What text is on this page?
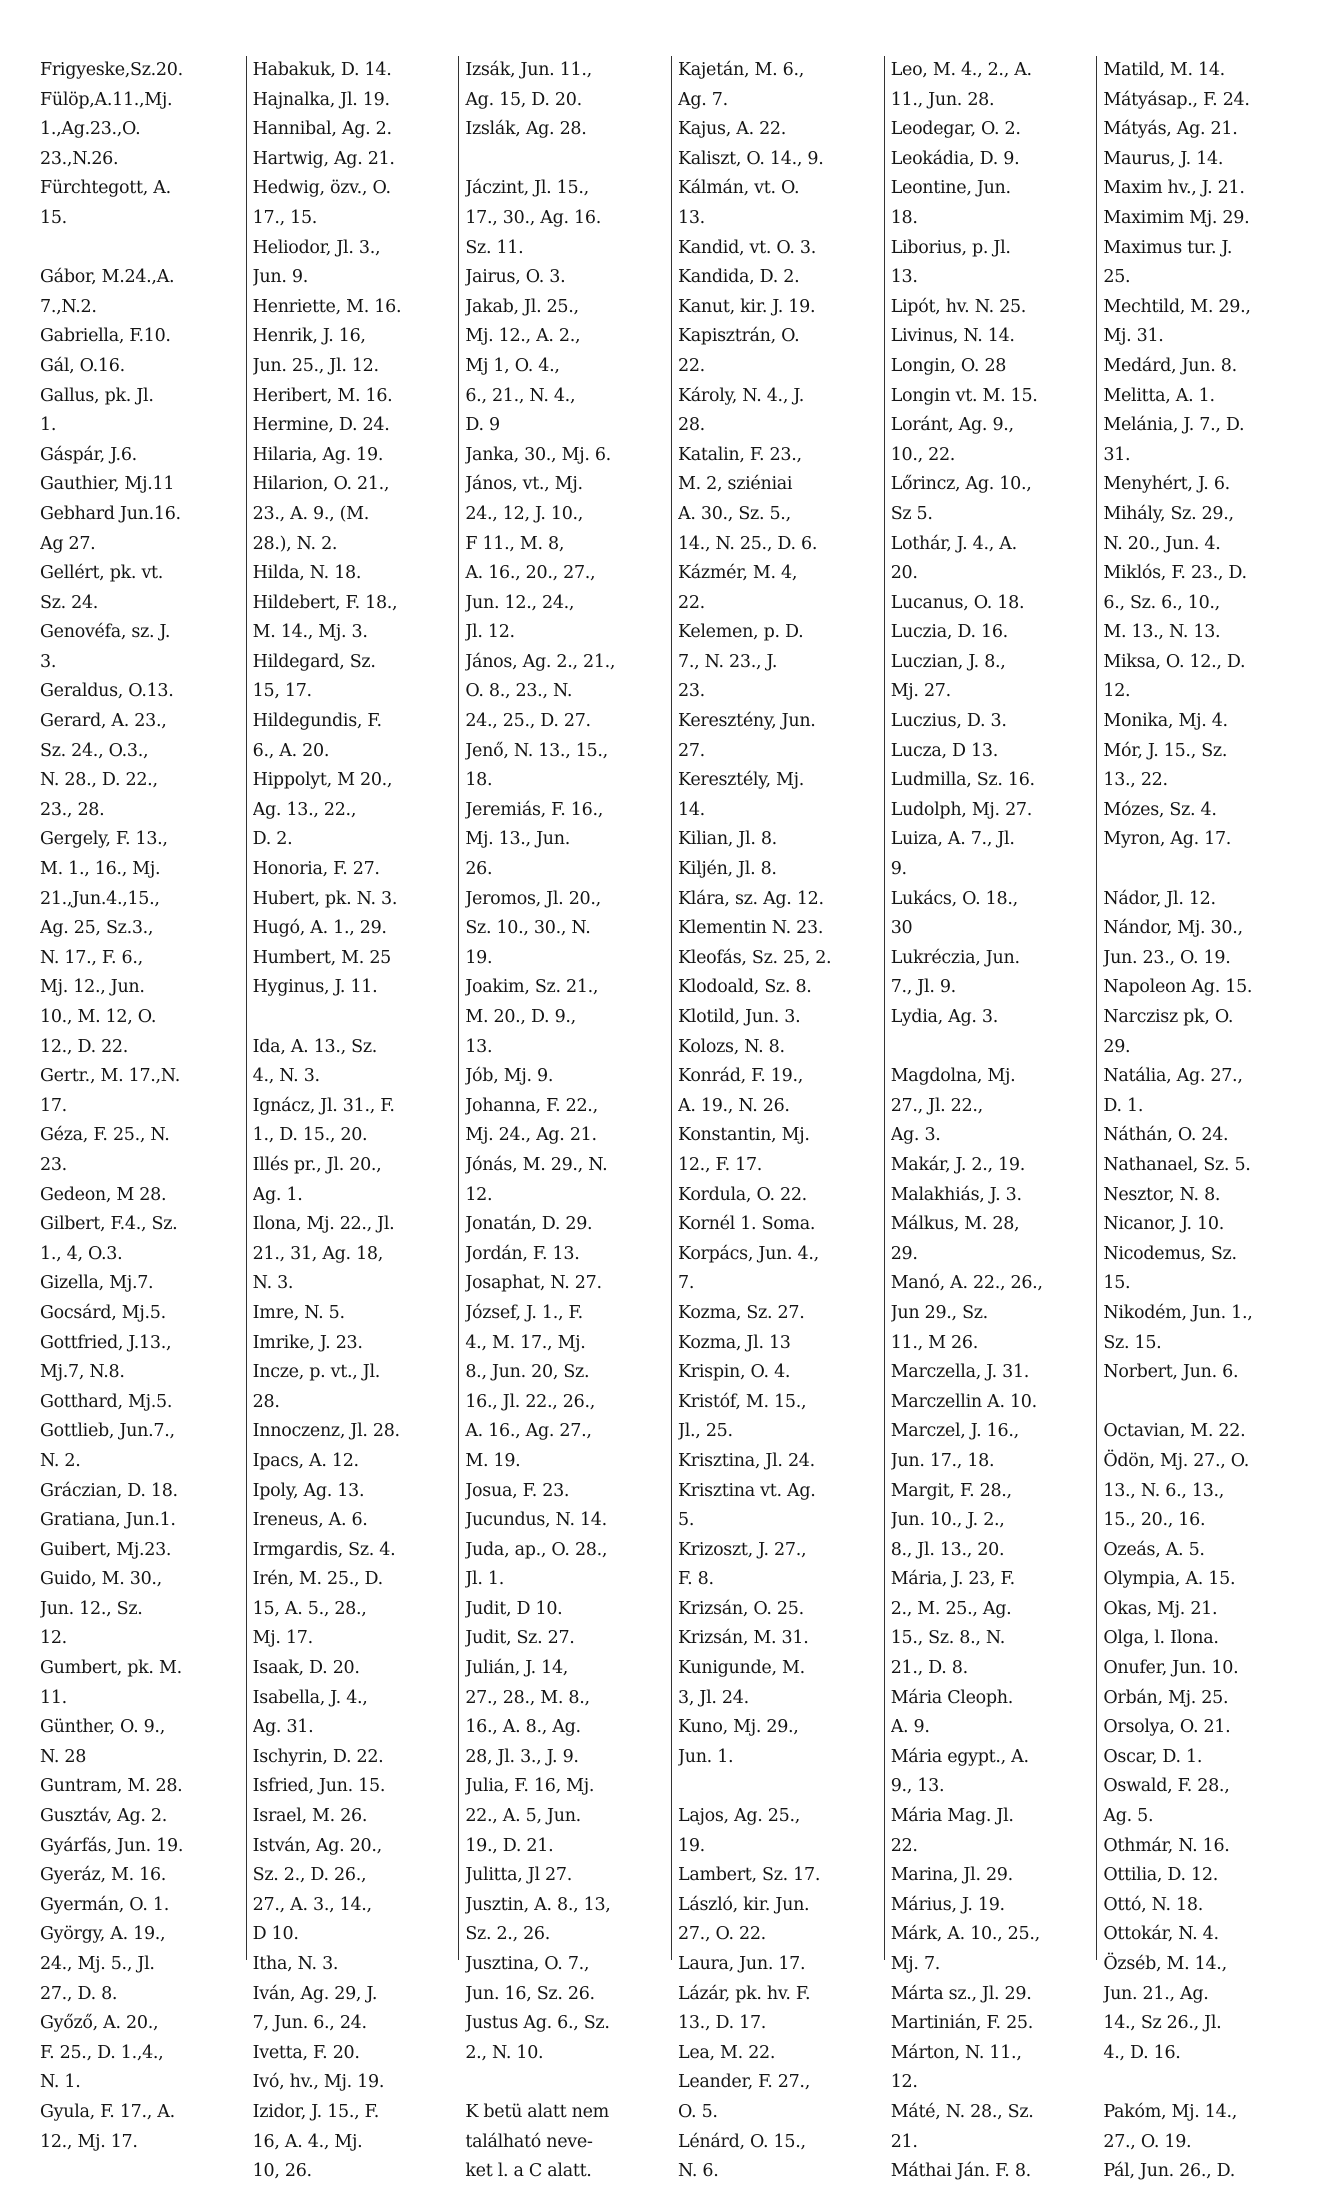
Frigyeske,Sz.20.
Fülöp,A.11.,Mj.
1.,Ag.23.,O.
23.,N.26.
Fürchtegott, A.
15.

Gábor, M.24.,A.
7.,N.2.
Gabriella, F.10.
Gál, O.16.
Gallus, pk. Jl.
1.
Gáspár, J.6.
Gauthier, Mj.11
Gebhard Jun.16.
Ag 27.
Gellért, pk. vt.
Sz. 24.
Genovéfa, sz. J.
3.
Geraldus, O.13.
Gerard, A. 23.,
Sz. 24., O.3.,
N. 28., D. 22.,
23., 28.
Gergely, F. 13.,
M. 1., 16., Mj.
21.,Jun.4.,15.,
Ag. 25, Sz.3.,
N. 17., F. 6.,
Mj. 12., Jun.
10., M. 12, O.
12., D. 22.
Gertr., M. 17.,N.
17.
Géza, F. 25., N.
23.
Gedeon, M 28.
Gilbert, F.4., Sz.
1., 4, O.3.
Gizella, Mj.7.
Gocsárd, Mj.5.
Gottfried, J.13.,
Mj.7, N.8.
Gotthard, Mj.5.
Gottlieb, Jun.7.,
N. 2.
Gráczian, D. 18.
Gratiana, Jun.1.
Guibert, Mj.23.
Guido, M. 30.,
Jun. 12., Sz.
12.
Gumbert, pk. M.
11.
Günther, O. 9.,
N. 28
Guntram, M. 28.
Gusztáv, Ag. 2.
Gyárfás, Jun. 19.
Gyeráz, M. 16.
Gyermán, O. 1.
György, A. 19.,
24., Mj. 5., Jl.
27., D. 8.
Győző, A. 20.,
F. 25., D. 1.,4.,
N. 1.
Gyula, F. 17., A.
12., Mj. 17.
Habakuk, D. 14.
Hajnalka, Jl. 19.
Hannibal, Ag. 2.
Hartwig, Ag. 21.
Hedwig, özv., O.
17., 15.
Heliodor, Jl. 3.,
Jun. 9.
Henriette, M. 16.
Henrik, J. 16,
Jun. 25., Jl. 12.
Heribert, M. 16.
Hermine, D. 24.
Hilaria, Ag. 19.
Hilarion, O. 21.,
23., A. 9., (M.
28.), N. 2.
Hilda, N. 18.
Hildebert, F. 18.,
M. 14., Mj. 3.
Hildegard, Sz.
15, 17.
Hildegundis, F.
6., A. 20.
Hippolyt, M 20.,
Ag. 13., 22.,
D. 2.
Honoria, F. 27.
Hubert, pk. N. 3.
Hugó, A. 1., 29.
Humbert, M. 25
Hyginus, J. 11.

Ida, A. 13., Sz.
4., N. 3.
Ignácz, Jl. 31., F.
1., D. 15., 20.
Illés pr., Jl. 20.,
Ag. 1.
Ilona, Mj. 22., Jl.
21., 31, Ag. 18,
N. 3.
Imre, N. 5.
Imrike, J. 23.
Incze, p. vt., Jl.
28.
Innoczenz, Jl. 28.
Ipacs, A. 12.
Ipoly, Ag. 13.
Ireneus, A. 6.
Irmgardis, Sz. 4.
Irén, M. 25., D.
15, A. 5., 28.,
Mj. 17.
Isaak, D. 20.
Isabella, J. 4.,
Ag. 31.
Ischyrin, D. 22.
Isfried, Jun. 15.
Israel, M. 26.
István, Ag. 20.,
Sz. 2., D. 26.,
27., A. 3., 14.,
D 10.
Itha, N. 3.
Iván, Ag. 29, J.
7, Jun. 6., 24.
Ivetta, F. 20.
Ivó, hv., Mj. 19.
Izidor, J. 15., F.
16, A. 4., Mj.
10, 26.
Izsák, Jun. 11.,
Ag. 15, D. 20.
Izslák, Ag. 28.

Jáczint, Jl. 15.,
17., 30., Ag. 16.
Sz. 11.
Jairus, O. 3.
Jakab, Jl. 25.,
Mj. 12., A. 2.,
Mj 1, O. 4.,
6., 21., N. 4.,
D. 9
Janka, 30., Mj. 6.
János, vt., Mj.
24., 12, J. 10.,
F 11., M. 8,
A. 16., 20., 27.,
Jun. 12., 24.,
Jl. 12.
János, Ag. 2., 21.,
O. 8., 23., N.
24., 25., D. 27.
Jenő, N. 13., 15.,
18.
Jeremiás, F. 16.,
Mj. 13., Jun.
26.
Jeromos, Jl. 20.,
Sz. 10., 30., N.
19.
Joakim, Sz. 21.,
M. 20., D. 9.,
13.
Jób, Mj. 9.
Johanna, F. 22.,
Mj. 24., Ag. 21.
Jónás, M. 29., N.
12.
Jonatán, D. 29.
Jordán, F. 13.
Josaphat, N. 27.
József, J. 1., F.
4., M. 17., Mj.
8., Jun. 20, Sz.
16., Jl. 22., 26.,
A. 16., Ag. 27.,
M. 19.
Josua, F. 23.
Jucundus, N. 14.
Juda, ap., O. 28.,
Jl. 1.
Judit, D 10.
Judit, Sz. 27.
Julián, J. 14,
27., 28., M. 8.,
16., A. 8., Ag.
28, Jl. 3., J. 9.
Julia, F. 16, Mj.
22., A. 5, Jun.
19., D. 21.
Julitta, Jl 27.
Jusztin, A. 8., 13,
Sz. 2., 26.
Jusztina, O. 7.,
Jun. 16, Sz. 26.
Justus Ag. 6., Sz.
2., N. 10.

K betü alatt nem
található neve-
ket l. a C alatt.
Kajetán, M. 6.,
Ag. 7.
Kajus, A. 22.
Kaliszt, O. 14., 9.
Kálmán, vt. O.
13.
Kandid, vt. O. 3.
Kandida, D. 2.
Kanut, kir. J. 19.
Kapisztrán, O.
22.
Károly, N. 4., J.
28.
Katalin, F. 23.,
M. 2, sziéniai
A. 30., Sz. 5.,
14., N. 25., D. 6.
Kázmér, M. 4,
22.
Kelemen, p. D.
7., N. 23., J.
23.
Keresztény, Jun.
27.
Keresztély, Mj.
14.
Kilian, Jl. 8.
Kiljén, Jl. 8.
Klára, sz. Ag. 12.
Klementin N. 23.
Kleofás, Sz. 25, 2.
Klodoald, Sz. 8.
Klotild, Jun. 3.
Kolozs, N. 8.
Konrád, F. 19.,
A. 19., N. 26.
Konstantin, Mj.
12., F. 17.
Kordula, O. 22.
Kornél 1. Soma.
Korpács, Jun. 4.,
7.
Kozma, Sz. 27.
Kozma, Jl. 13
Krispin, O. 4.
Kristóf, M. 15.,
Jl., 25.
Krisztina, Jl. 24.
Krisztina vt. Ag.
5.
Krizoszt, J. 27.,
F. 8.
Krizsán, O. 25.
Krizsán, M. 31.
Kunigunde, M.
3, Jl. 24.
Kuno, Mj. 29.,
Jun. 1.

Lajos, Ag. 25.,
19.
Lambert, Sz. 17.
László, kir. Jun.
27., O. 22.
Laura, Jun. 17.
Lázár, pk. hv. F.
13., D. 17.
Lea, M. 22.
Leander, F. 27.,
O. 5.
Lénárd, O. 15.,
N. 6.
Leo, M. 4., 2., A.
11., Jun. 28.
Leodegar, O. 2.
Leokádia, D. 9.
Leontine, Jun.
18.
Liborius, p. Jl.
13.
Lipót, hv. N. 25.
Livinus, N. 14.
Longin, O. 28
Longin vt. M. 15.
Loránt, Ag. 9.,
10., 22.
Lőrincz, Ag. 10.,
Sz 5.
Lothár, J. 4., A.
20.
Lucanus, O. 18.
Luczia, D. 16.
Luczian, J. 8.,
Mj. 27.
Luczius, D. 3.
Lucza, D 13.
Ludmilla, Sz. 16.
Ludolph, Mj. 27.
Luiza, A. 7., Jl.
9.
Lukács, O. 18.,
30
Lukréczia, Jun.
7., Jl. 9.
Lydia, Ag. 3.

Magdolna, Mj.
27., Jl. 22.,
Ag. 3.
Makár, J. 2., 19.
Malakhiás, J. 3.
Málkus, M. 28,
29.
Manó, A. 22., 26.,
Jun 29., Sz.
11., M 26.
Marczella, J. 31.
Marczellin A. 10.
Marczel, J. 16.,
Jun. 17., 18.
Margit, F. 28.,
Jun. 10., J. 2.,
8., Jl. 13., 20.
Mária, J. 23, F.
2., M. 25., Ag.
15., Sz. 8., N.
21., D. 8.
Mária Cleoph.
A. 9.
Mária egypt., A.
9., 13.
Mária Mag. Jl.
22.
Marina, Jl. 29.
Márius, J. 19.
Márk, A. 10., 25.,
Mj. 7.
Márta sz., Jl. 29.
Martinián, F. 25.
Márton, N. 11.,
12.
Máté, N. 28., Sz.
21.
Máthai Ján. F. 8.
Matild, M. 14.
Mátyásap., F. 24.
Mátyás, Ag. 21.
Maurus, J. 14.
Maxim hv., J. 21.
Maximim Mj. 29.
Maximus tur. J.
25.
Mechtild, M. 29.,
Mj. 31.
Medárd, Jun. 8.
Melitta, A. 1.
Melánia, J. 7., D.
31.
Menyhért, J. 6.
Mihály, Sz. 29.,
N. 20., Jun. 4.
Miklós, F. 23., D.
6., Sz. 6., 10.,
M. 13., N. 13.
Miksa, O. 12., D.
12.
Monika, Mj. 4.
Mór, J. 15., Sz.
13., 22.
Mózes, Sz. 4.
Myron, Ag. 17.

Nádor, Jl. 12.
Nándor, Mj. 30.,
Jun. 23., O. 19.
Napoleon Ag. 15.
Narczisz pk, O.
29.
Natália, Ag. 27.,
D. 1.
Náthán, O. 24.
Nathanael, Sz. 5.
Nesztor, N. 8.
Nicanor, J. 10.
Nicodemus, Sz.
15.
Nikodém, Jun. 1.,
Sz. 15.
Norbert, Jun. 6.

Octavian, M. 22.
Ödön, Mj. 27., O.
13., N. 6., 13.,
15., 20., 16.
Ozeás, A. 5.
Olympia, A. 15.
Okas, Mj. 21.
Olga, l. Ilona.
Onufer, Jun. 10.
Orbán, Mj. 25.
Orsolya, O. 21.
Oscar, D. 1.
Oswald, F. 28.,
Ag. 5.
Othmár, N. 16.
Ottilia, D. 12.
Ottó, N. 18.
Ottokár, N. 4.
Özséb, M. 14.,
Jun. 21., Ag.
14., Sz 26., Jl.
4., D. 16.

Pakóm, Mj. 14.,
27., O. 19.
Pál, Jun. 26., D.
